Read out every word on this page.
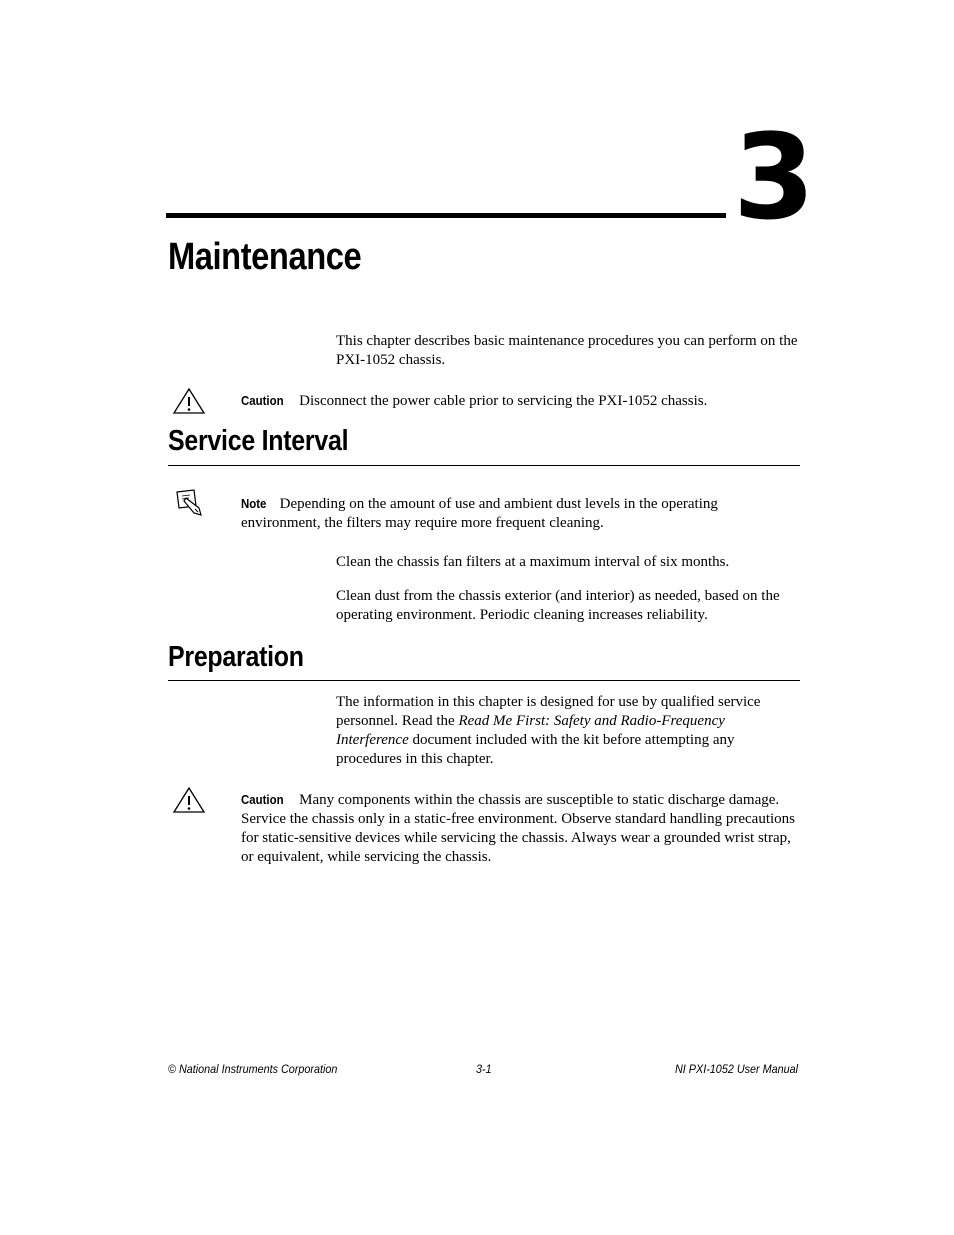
3
Maintenance
This chapter describes basic maintenance procedures you can perform on the PXI-1052 chassis.
Caution Disconnect the power cable prior to servicing the PXI-1052 chassis.
Service Interval
Note Depending on the amount of use and ambient dust levels in the operating environment, the filters may require more frequent cleaning.
Clean the chassis fan filters at a maximum interval of six months.
Clean dust from the chassis exterior (and interior) as needed, based on the operating environment. Periodic cleaning increases reliability.
Preparation
The information in this chapter is designed for use by qualified service personnel. Read the Read Me First: Safety and Radio-Frequency Interference document included with the kit before attempting any procedures in this chapter.
Caution Many components within the chassis are susceptible to static discharge damage. Service the chassis only in a static-free environment. Observe standard handling precautions for static-sensitive devices while servicing the chassis. Always wear a grounded wrist strap, or equivalent, while servicing the chassis.
© National Instruments Corporation	3-1	NI PXI-1052 User Manual
